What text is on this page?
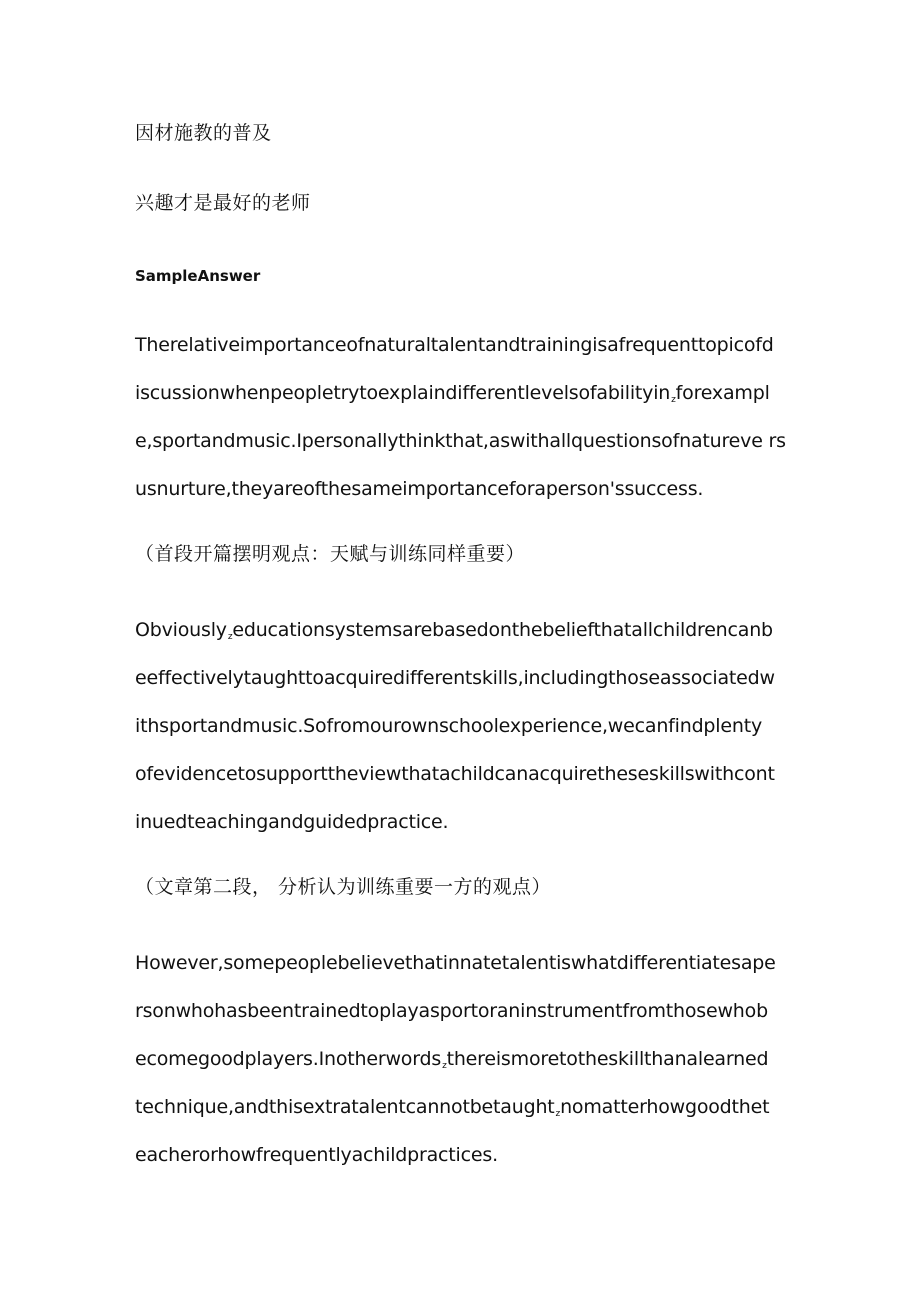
因材施教的普及
兴趣才是最好的老师
SampleAnswer
Therelativeimportanceofnaturaltalentandtrainingisafrequenttopicofd
iscussionwhenpeopletrytoexplaindifferentlevelsofabilityin$_z$forexampl
e,sportandmusic.Ipersonallythinkthat,aswithallquestionsofnatureve rs
usnurture,theyareofthesameimportanceforaperson'ssuccess.
（首段开篇摆明观点：天赋与训练同样重要）
Obviously$_z$educationsystemsarebasedonthebeliefthatallchildrencanb
eeffectivelytaughttoacquiredifferentskills,includingthoseassociatedw
ithsportandmusic.Sofromourownschoolexperience,wecanfindplenty
ofevidencetosupporttheviewthatachildcanacquiretheseskillswithcont
inuedteachingandguidedpractice.
（文章第二段， 分析认为训练重要一方的观点）
However,somepeoplebelievethatinnatetalentiswhatdifferentiatesape
rsonwhohasbeentrainedtoplayasportoraninstrumentfromthosewhob
ecomegoodplayers.Inotherwords$_z$thereismoretotheskillthanalearned
technique,andthisextratalentcannotbetaught$_z$nomatterhowgoodthet
eacherorhowfrequentlyachildpractices.
